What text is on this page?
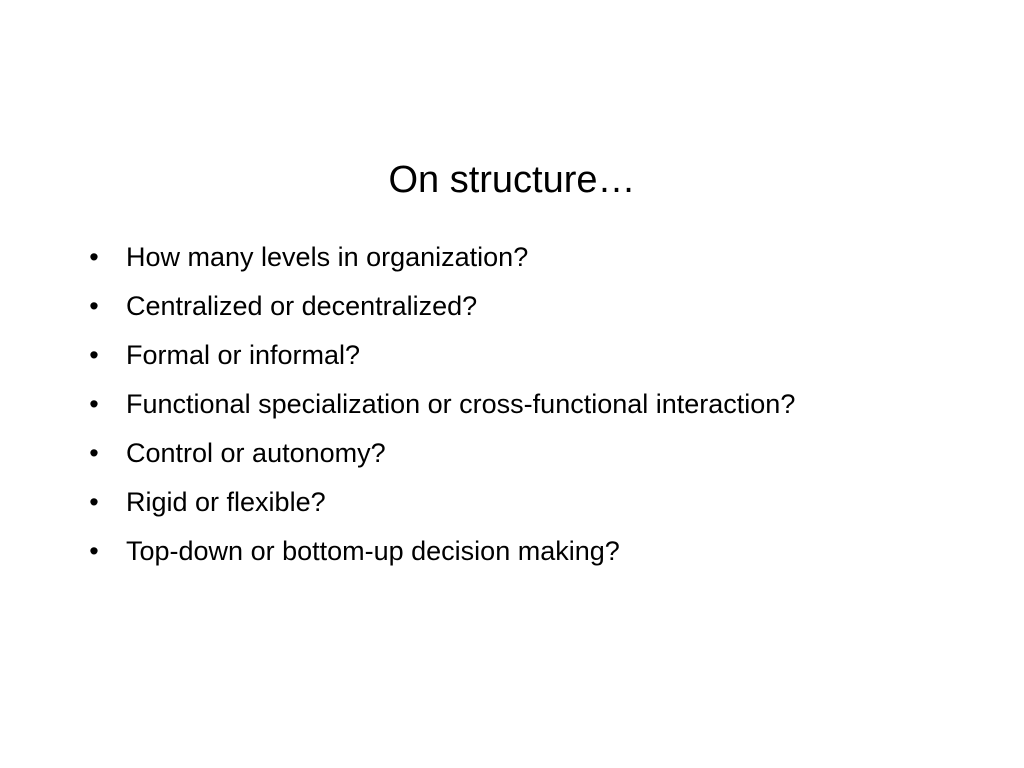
On structure…
• How many levels in organization?
• Centralized or decentralized?
• Formal or informal?
• Functional specialization or cross-functional interaction?
• Control or autonomy?
• Rigid or flexible?
• Top-down or bottom-up decision making?
